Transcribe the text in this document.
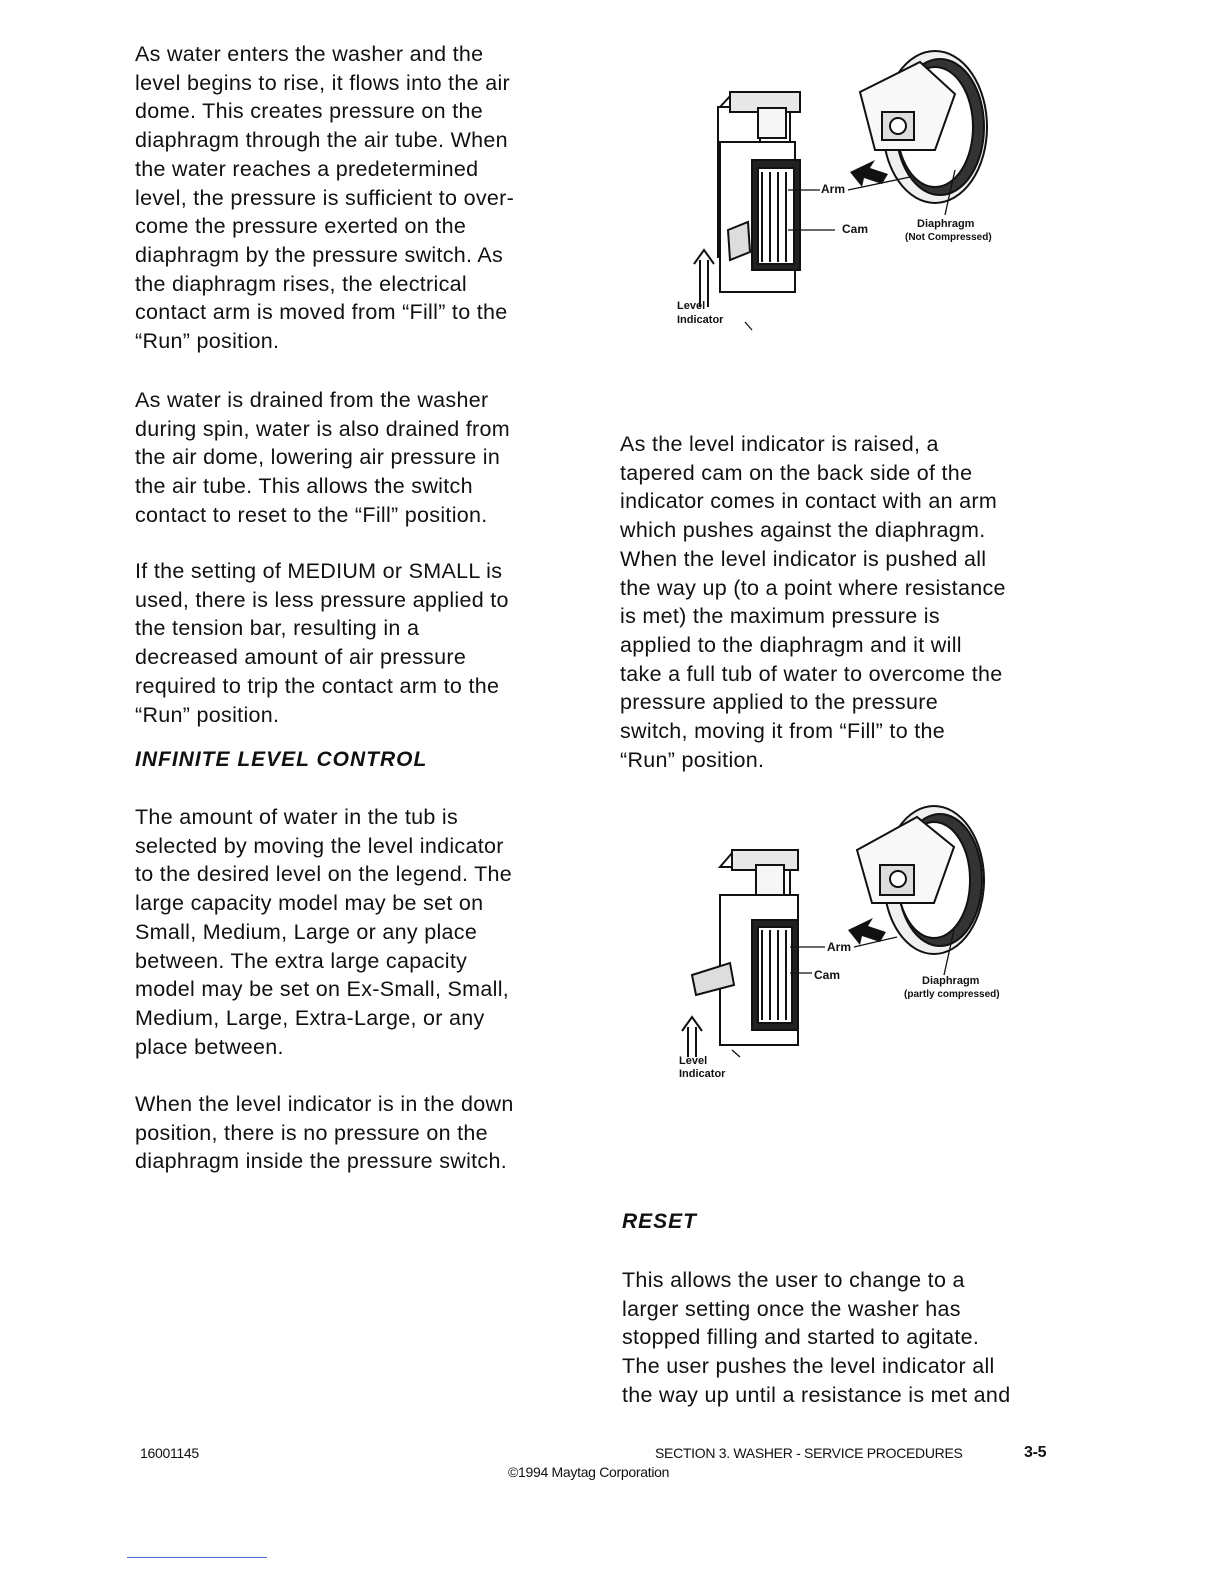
As water enters the washer and the
level begins to rise, it flows into the air
dome. This creates pressure on the
diaphragm through the air tube. When
the water reaches a predetermined
level, the pressure is sufficient to over-
come the pressure exerted on the
diaphragm by the pressure switch. As
the diaphragm rises, the electrical
contact arm is moved from “Fill” to the
“Run” position.
As water is drained from the washer
during spin, water is also drained from
the air dome, lowering air pressure in
the air tube. This allows the switch
contact to reset to the “Fill” position.
If the setting of MEDIUM or SMALL is
used, there is less pressure applied to
the tension bar, resulting in a
decreased amount of air pressure
required to trip the contact arm to the
“Run” position.
INFINITE LEVEL CONTROL
The amount of water in the tub is
selected by moving the level indicator
to the desired level on the legend. The
large capacity model may be set on
Small, Medium, Large or any place
between. The extra large capacity
model may be set on Ex-Small, Small,
Medium, Large, Extra-Large, or any
place between.
When the level indicator is in the down
position, there is no pressure on the
diaphragm inside the pressure switch.
Arm
Cam	Diaphragm
(Not Compressed)
Level
Indicator
As the level indicator is raised, a
tapered cam on the back side of the
indicator comes in contact with an arm
which pushes against the diaphragm.
When the level indicator is pushed all
the way up (to a point where resistance
is met) the maximum pressure is
applied to the diaphragm and it will
take a full tub of water to overcome the
pressure applied to the pressure
switch, moving it from “Fill” to the
“Run” position.
Arm
Cam	Diaphragm
(partly compressed)
Level
Indicator
RESET
This allows the user to change to a
larger setting once the washer has
stopped filling and started to agitate.
The user pushes the level indicator all
the way up until a resistance is met and
16001145	SECTION 3. WASHER - SERVICE PROCEDURES	3-5
©1994 Maytag Corporation
